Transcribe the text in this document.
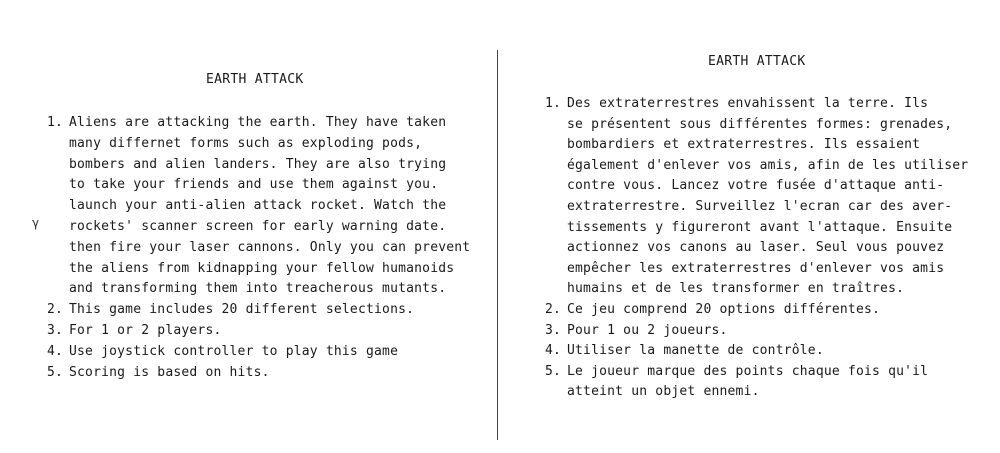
EARTH ATTACK
γ
1. Aliens are attacking the earth. They have taken
many differnet forms such as exploding pods,
bombers and alien landers. They are also trying
to take your friends and use them against you.
launch your anti-alien attack rocket. Watch the
rockets' scanner screen for early warning date.
then fire your laser cannons. Only you can prevent
the aliens from kidnapping your fellow humanoids
and transforming them into treacherous mutants.
2. This game includes 20 different selections.
3. For 1 or 2 players.
4. Use joystick controller to play this game
5. Scoring is based on hits.
EARTH ATTACK
1. Des extraterrestres envahissent la terre. Ils
se présentent sous différentes formes: grenades,
bombardiers et extraterrestres. Ils essaient
également d'enlever vos amis, afin de les utiliser
contre vous. Lancez votre fusée d'attaque anti-
extraterrestre. Surveillez l'ecran car des aver-
tissements y figureront avant l'attaque. Ensuite
actionnez vos canons au laser. Seul vous pouvez
empêcher les extraterrestres d'enlever vos amis
humains et de les transformer en traîtres.
2. Ce jeu comprend 20 options différentes.
3. Pour 1 ou 2 joueurs.
4. Utiliser la manette de contrôle.
5. Le joueur marque des points chaque fois qu'il
atteint un objet ennemi.
